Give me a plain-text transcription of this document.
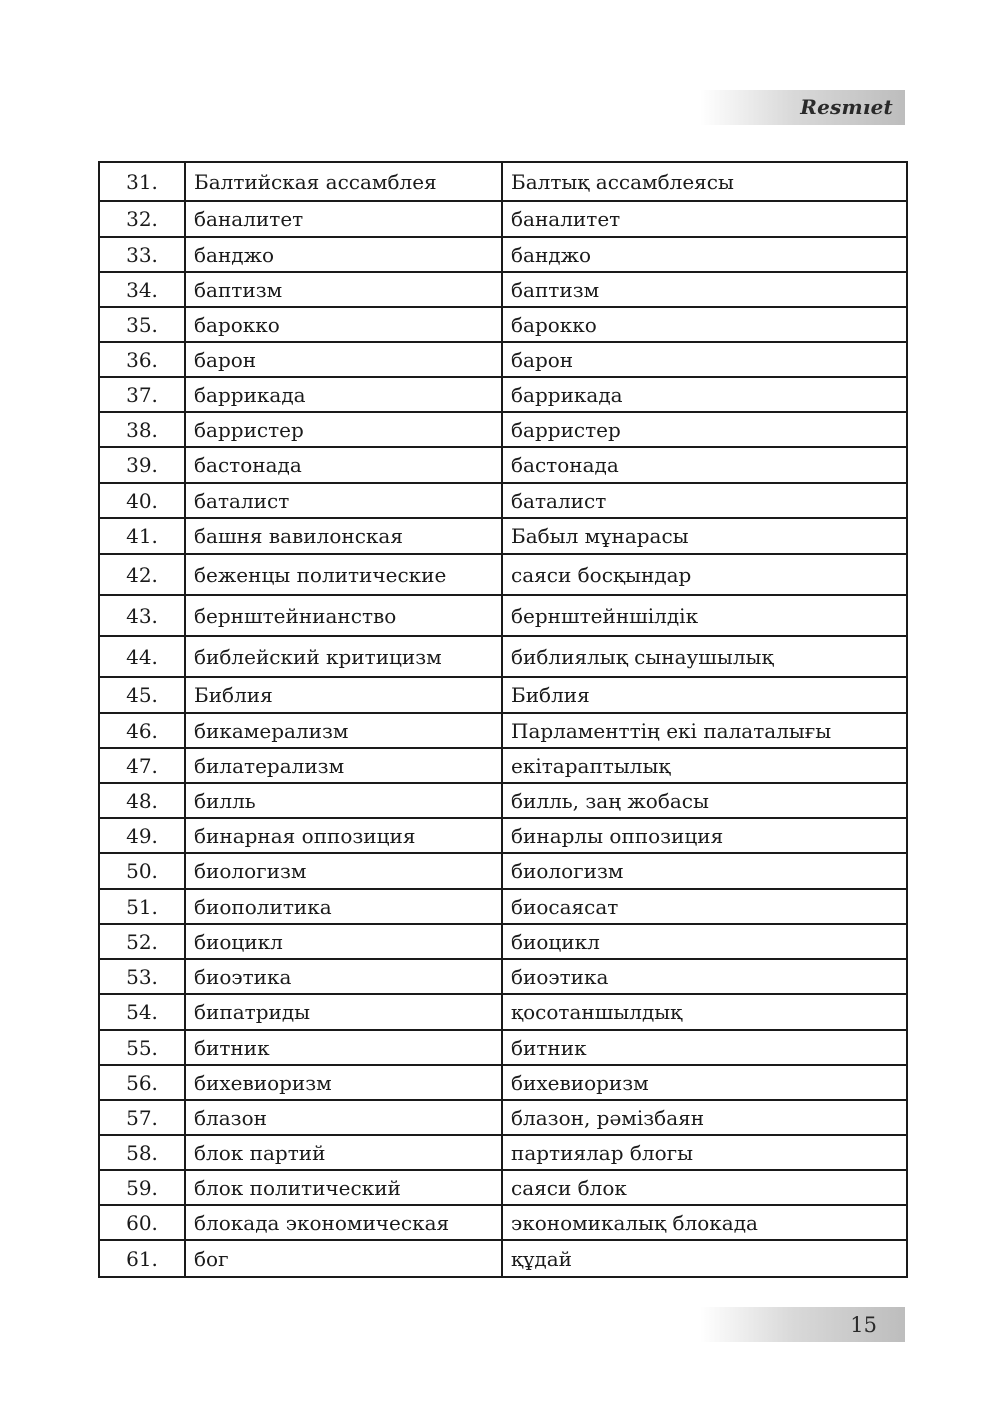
Resmıet
31.	Балтийская ассамблея	Балтық ассамблеясы
32.	баналитет	баналитет
33.	банджо	банджо
34.	баптизм	баптизм
35.	барокко	барокко
36.	барон	барон
37.	баррикада	баррикада
38.	барристер	барристер
39.	бастонада	бастонада
40.	баталист	баталист
41.	башня вавилонская	Бабыл мұнарасы
42.	беженцы политические	саяси босқындар
43.	бернштейнианство	бернштейншілдік
44.	библейский критицизм	библиялық сынаушылық
45.	Библия	Библия
46.	бикамерализм	Парламенттің екі палаталығы
47.	билатерализм	екітараптылық
48.	билль	билль, заң жобасы
49.	бинарная оппозиция	бинарлы оппозиция
50.	биологизм	биологизм
51.	биополитика	биосаясат
52.	биоцикл	биоцикл
53.	биоэтика	биоэтика
54.	бипатриды	қосотаншылдық
55.	битник	битник
56.	бихевиоризм	бихевиоризм
57.	блазон	блазон, рәмізбаян
58.	блок партий	партиялар блогы
59.	блок политический	саяси блок
60.	блокада экономическая	экономикалық блокада
61.	бог	құдай
15
